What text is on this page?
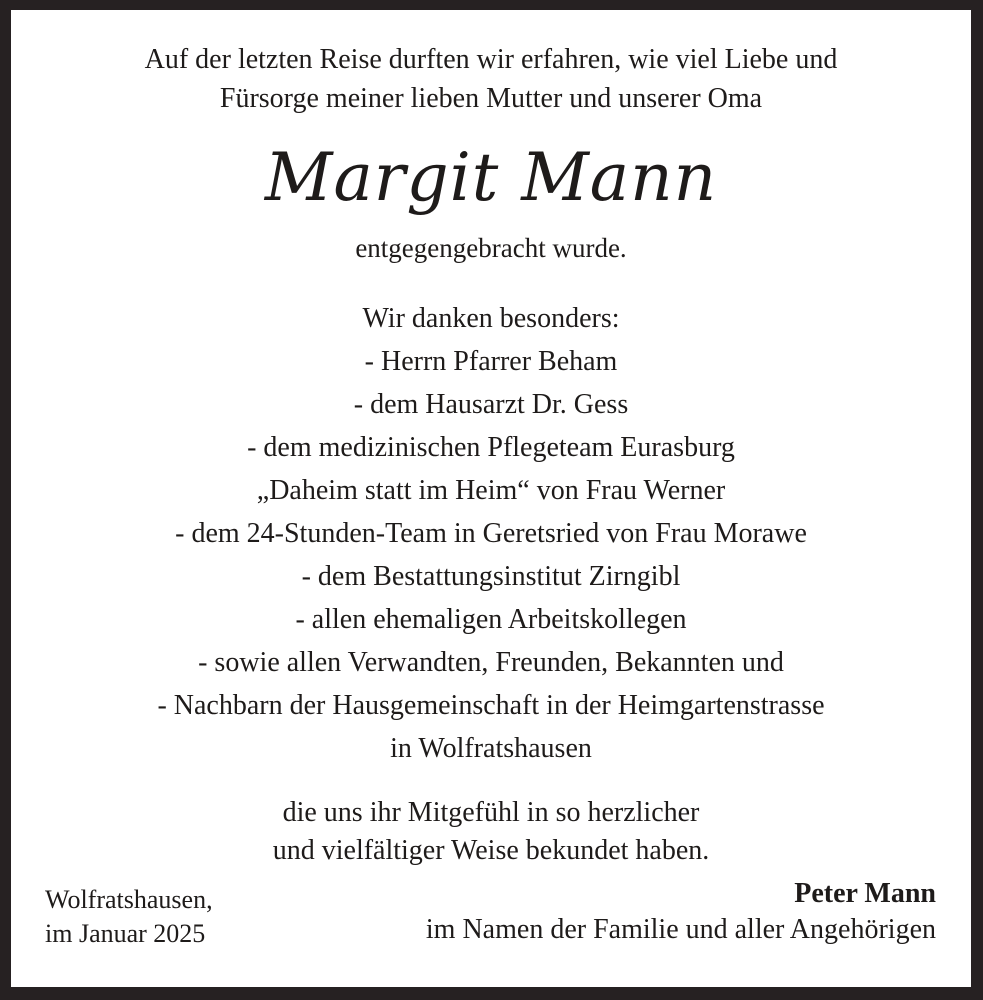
Auf der letzten Reise durften wir erfahren, wie viel Liebe und
Fürsorge meiner lieben Mutter und unserer Oma
Margit Mann
entgegengebracht wurde.
Wir danken besonders:
- Herrn Pfarrer Beham
- dem Hausarzt Dr. Gess
- dem medizinischen Pflegeteam Eurasburg
„Daheim statt im Heim“ von Frau Werner
- dem 24-Stunden-Team in Geretsried von Frau Morawe
- dem Bestattungsinstitut Zirngibl
- allen ehemaligen Arbeitskollegen
- sowie allen Verwandten, Freunden, Bekannten und
- Nachbarn der Hausgemeinschaft in der Heimgartenstrasse
in Wolfratshausen
die uns ihr Mitgefühl in so herzlicher
und vielfältiger Weise bekundet haben.
Wolfratshausen,
im Januar 2025
Peter Mann
im Namen der Familie und aller Angehörigen
